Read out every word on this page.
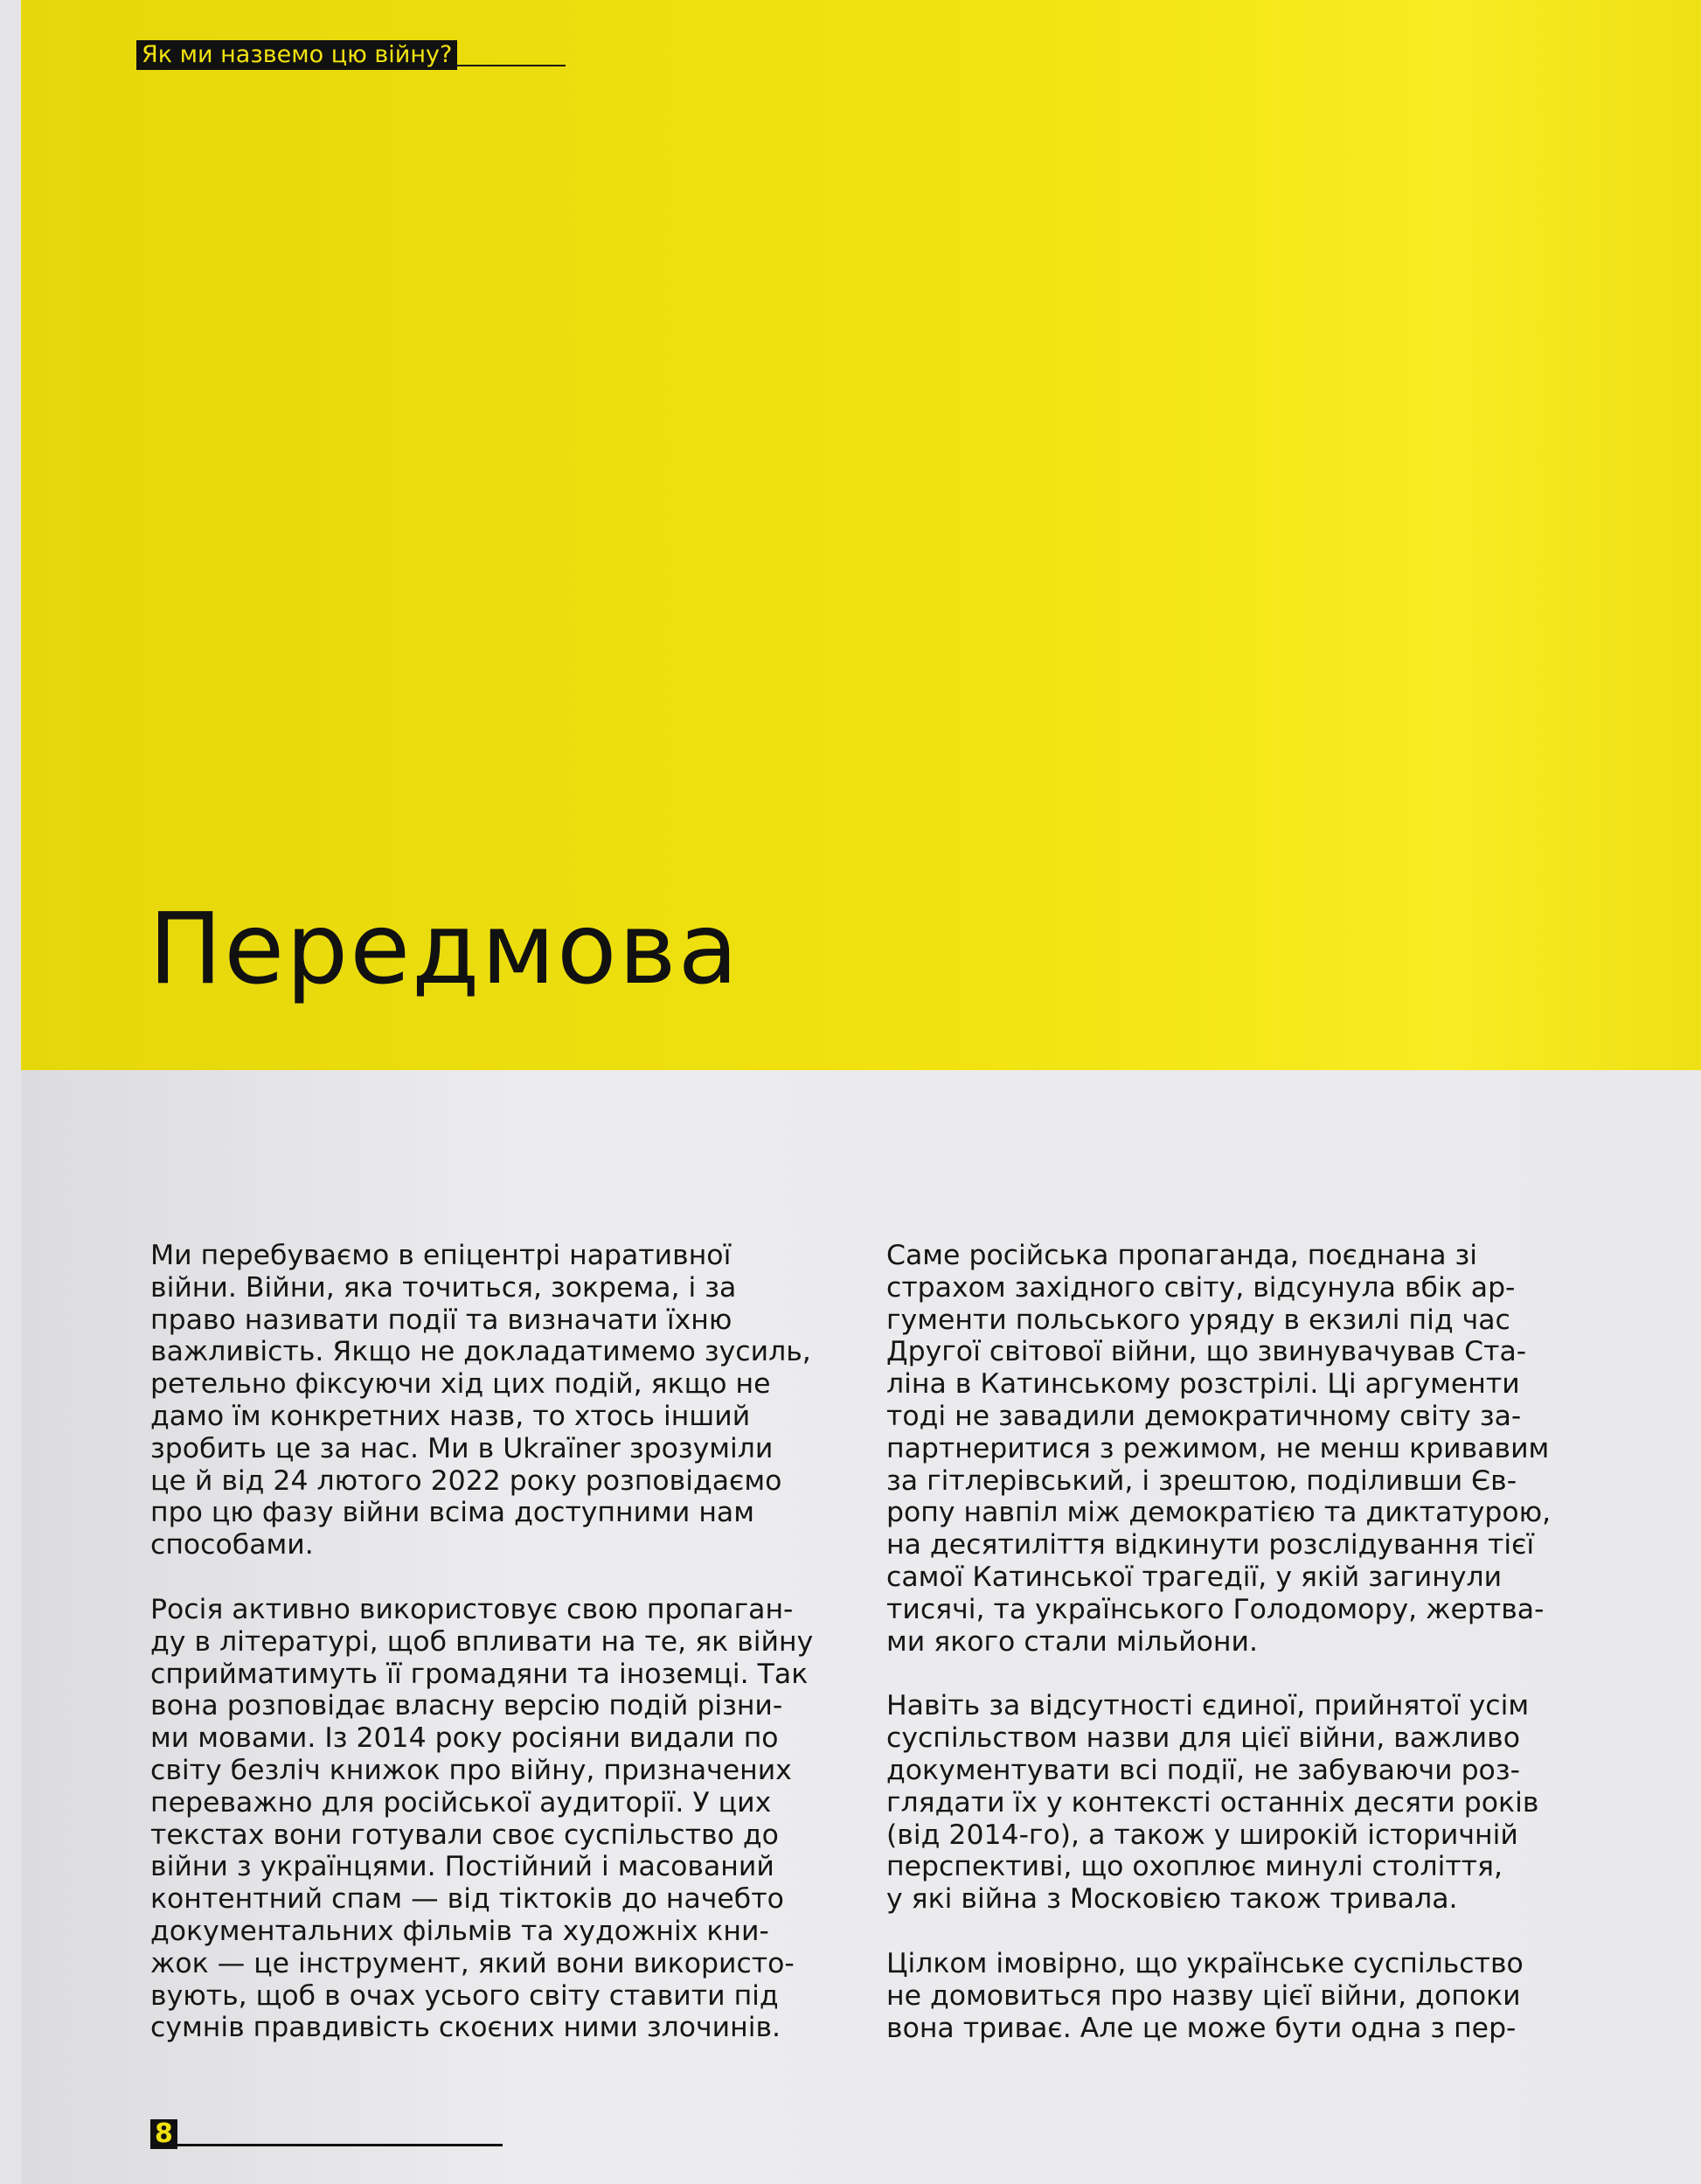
Як ми назвемо цю війну?
Передмова

Ми перебуваємо в епіцентрі наративної
війни. Війни, яка точиться, зокрема, і за
право називати події та визначати їхню
важливість. Якщо не докладатимемо зусиль,
ретельно фіксуючи хід цих подій, якщо не
дамо їм конкретних назв, то хтось інший
зробить це за нас. Ми в Ukraїner зрозуміли
це й від 24 лютого 2022 року розповідаємо
про цю фазу війни всіма доступними нам
способами.

Росія активно використовує свою пропаган-
ду в літературі, щоб впливати на те, як війну
сприйматимуть її громадяни та іноземці. Так
вона розповідає власну версію подій різни-
ми мовами. Із 2014 року росіяни видали по
світу безліч книжок про війну, призначених
переважно для російської аудиторії. У цих
текстах вони готували своє суспільство до
війни з українцями. Постійний і масований
контентний спам — від тіктоків до начебто
документальних фільмів та художніх кни-
жок — це інструмент, який вони використо-
вують, щоб в очах усього світу ставити під
сумнів правдивість скоєних ними злочинів.

Саме російська пропаганда, поєднана зі
страхом західного світу, відсунула вбік ар-
гументи польського уряду в екзилі під час
Другої світової війни, що звинувачував Ста-
ліна в Катинському розстрілі. Ці аргументи
тоді не завадили демократичному світу за-
партнеритися з режимом, не менш кривавим
за гітлерівський, і зрештою, поділивши Єв-
ропу навпіл між демократією та диктатурою,
на десятиліття відкинути розслідування тієї
самої Катинської трагедії, у якій загинули
тисячі, та українського Голодомору, жертва-
ми якого стали мільйони.

Навіть за відсутності єдиної, прийнятої усім
суспільством назви для цієї війни, важливо
документувати всі події, не забуваючи роз-
глядати їх у контексті останніх десяти років
(від 2014-го), а також у широкій історичній
перспективі, що охоплює минулі століття,
у які війна з Московією також тривала.

Цілком імовірно, що українське суспільство
не домовиться про назву цієї війни, допоки
вона триває. Але це може бути одна з пер-

8
